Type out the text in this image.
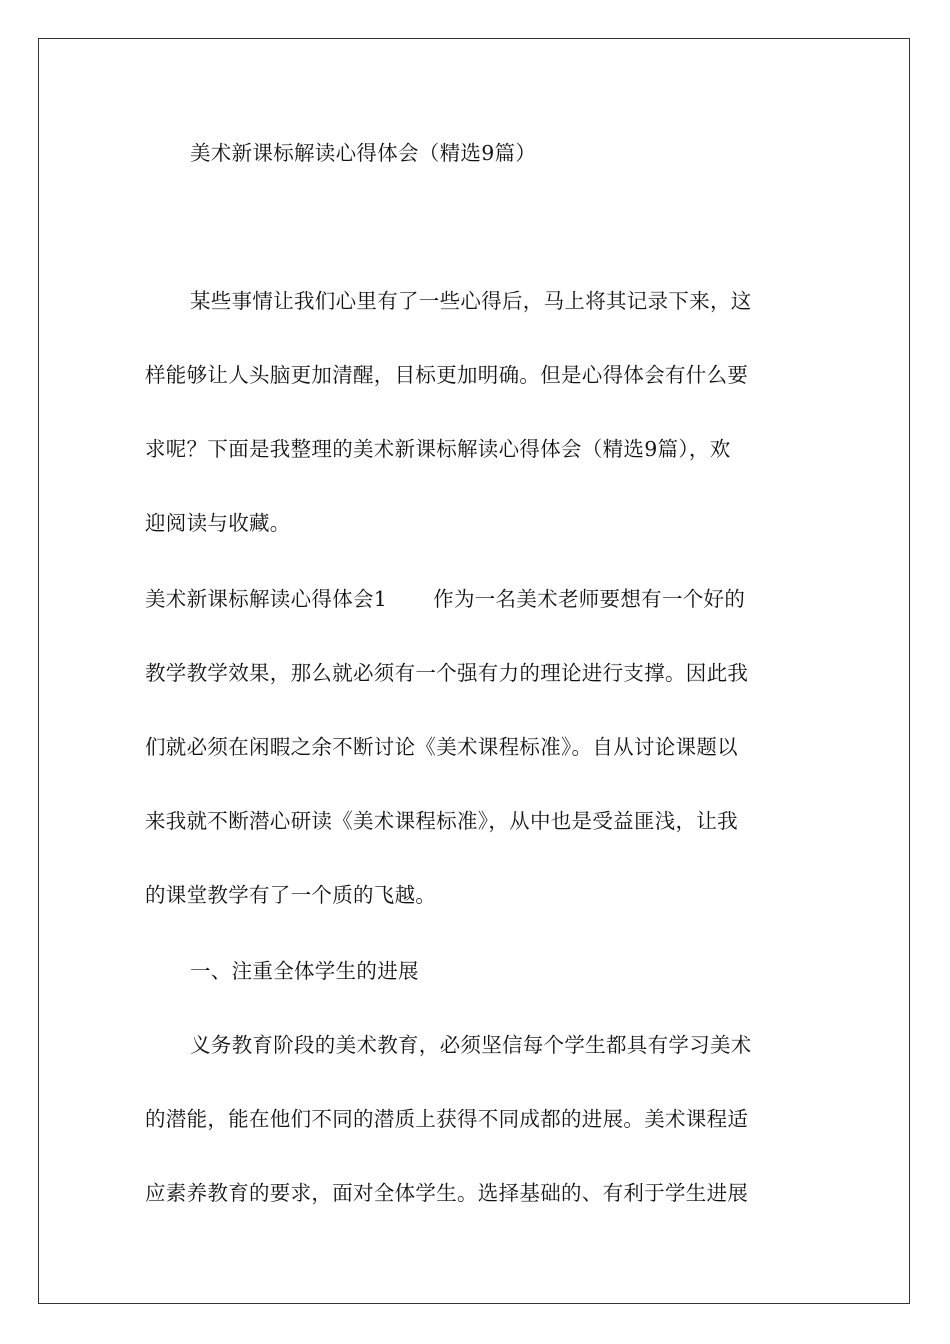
美术新课标解读心得体会（精选9篇）
某些事情让我们心里有了一些心得后，马上将其记录下来，这
样能够让人头脑更加清醒，目标更加明确。但是心得体会有什么要
求呢？下面是我整理的美术新课标解读心得体会（精选9篇），欢
迎阅读与收藏。
美术新课标解读心得体会1 作为一名美术老师要想有一个好的
教学教学效果，那么就必须有一个强有力的理论进行支撑。因此我
们就必须在闲暇之余不断讨论《美术课程标准》。自从讨论课题以
来我就不断潜心研读《美术课程标准》，从中也是受益匪浅，让我
的课堂教学有了一个质的飞越。
一、注重全体学生的进展
义务教育阶段的美术教育，必须坚信每个学生都具有学习美术
的潜能，能在他们不同的潜质上获得不同成都的进展。美术课程适
应素养教育的要求，面对全体学生。选择基础的、有利于学生进展
